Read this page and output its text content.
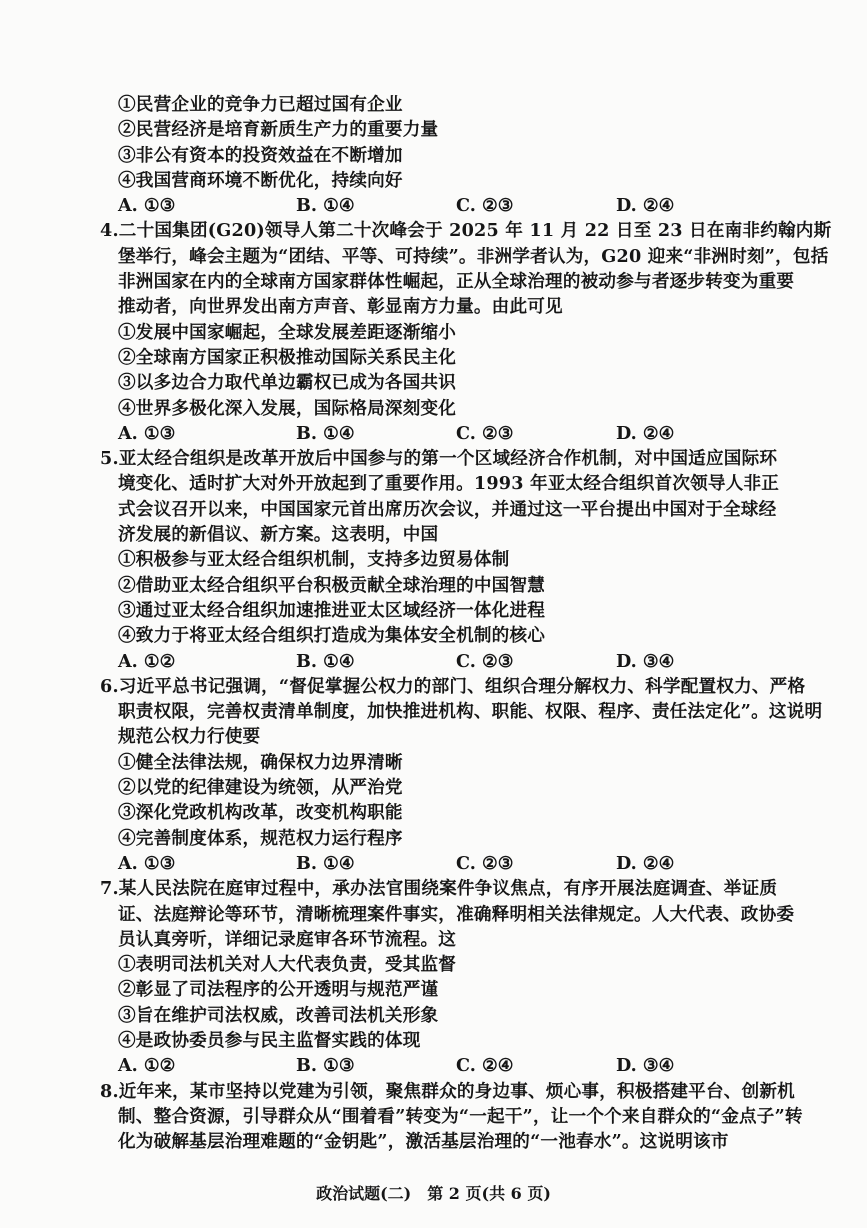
①民营企业的竞争力已超过国有企业
②民营经济是培育新质生产力的重要力量
③非公有资本的投资效益在不断增加
④我国营商环境不断优化，持续向好
A. ①③	B. ①④	C. ②③	D. ②④
4.二十国集团(G20)领导人第二十次峰会于 2025 年 11 月 22 日至 23 日在南非约翰内斯
堡举行，峰会主题为“团结、平等、可持续”。非洲学者认为，G20 迎来“非洲时刻”，包括
非洲国家在内的全球南方国家群体性崛起，正从全球治理的被动参与者逐步转变为重要
推动者，向世界发出南方声音、彰显南方力量。由此可见
①发展中国家崛起，全球发展差距逐渐缩小
②全球南方国家正积极推动国际关系民主化
③以多边合力取代单边霸权已成为各国共识
④世界多极化深入发展，国际格局深刻变化
A. ①③	B. ①④	C. ②③	D. ②④
5.亚太经合组织是改革开放后中国参与的第一个区域经济合作机制，对中国适应国际环
境变化、适时扩大对外开放起到了重要作用。1993 年亚太经合组织首次领导人非正
式会议召开以来，中国国家元首出席历次会议，并通过这一平台提出中国对于全球经
济发展的新倡议、新方案。这表明，中国
①积极参与亚太经合组织机制，支持多边贸易体制
②借助亚太经合组织平台积极贡献全球治理的中国智慧
③通过亚太经合组织加速推进亚太区域经济一体化进程
④致力于将亚太经合组织打造成为集体安全机制的核心
A. ①②	B. ①④	C. ②③	D. ③④
6.习近平总书记强调，“督促掌握公权力的部门、组织合理分解权力、科学配置权力、严格
职责权限，完善权责清单制度，加快推进机构、职能、权限、程序、责任法定化”。这说明
规范公权力行使要
①健全法律法规，确保权力边界清晰
②以党的纪律建设为统领，从严治党
③深化党政机构改革，改变机构职能
④完善制度体系，规范权力运行程序
A. ①③	B. ①④	C. ②③	D. ②④
7.某人民法院在庭审过程中，承办法官围绕案件争议焦点，有序开展法庭调查、举证质
证、法庭辩论等环节，清晰梳理案件事实，准确释明相关法律规定。人大代表、政协委
员认真旁听，详细记录庭审各环节流程。这
①表明司法机关对人大代表负责，受其监督
②彰显了司法程序的公开透明与规范严谨
③旨在维护司法权威，改善司法机关形象
④是政协委员参与民主监督实践的体现
A. ①②	B. ①③	C. ②④	D. ③④
8.近年来，某市坚持以党建为引领，聚焦群众的身边事、烦心事，积极搭建平台、创新机
制、整合资源，引导群众从“围着看”转变为“一起干”，让一个个来自群众的“金点子”转
化为破解基层治理难题的“金钥匙”，激活基层治理的“一池春水”。这说明该市
政治试题(二)　第 2 页(共 6 页)
